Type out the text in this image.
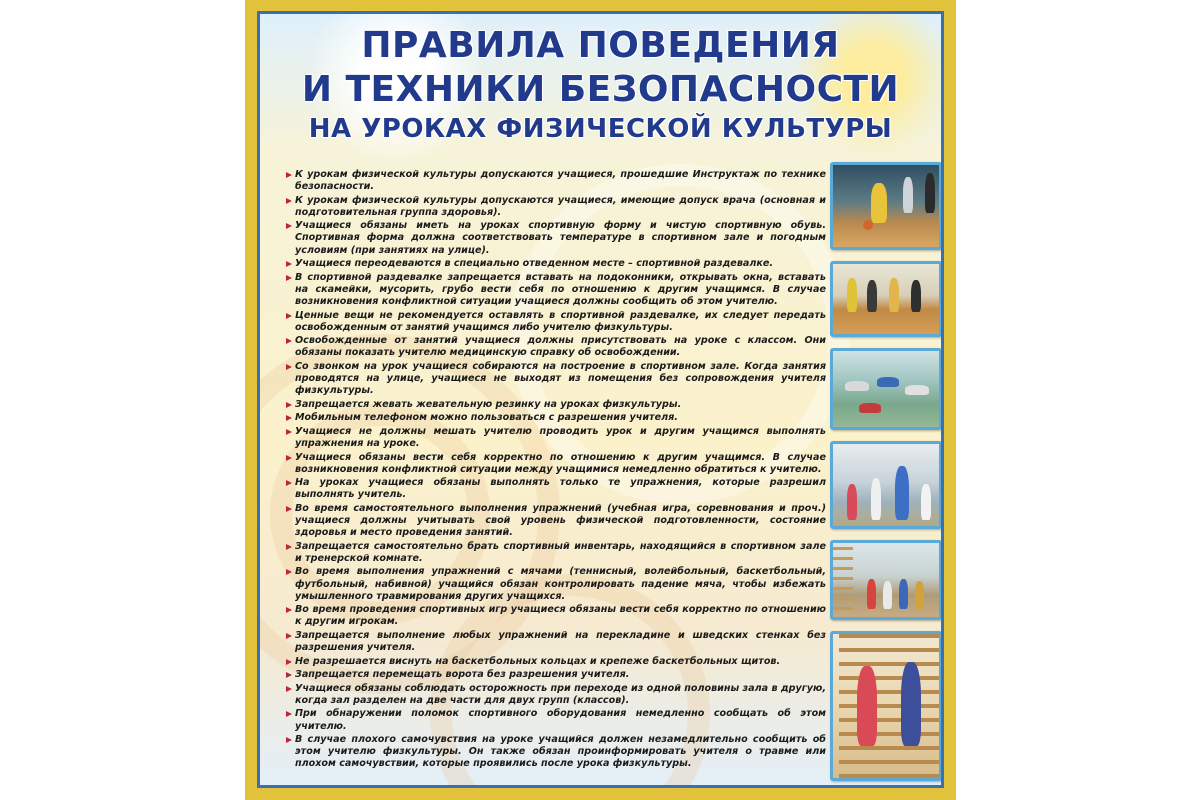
ПРАВИЛА ПОВЕДЕНИЯ
И ТЕХНИКИ БЕЗОПАСНОСТИ
НА УРОКАХ ФИЗИЧЕСКОЙ КУЛЬТУРЫ
К урокам физической культуры допускаются учащиеся, прошедшие Инструктаж по технике безопасности.
К урокам физической культуры допускаются учащиеся, имеющие допуск врача (основная и подготовительная группа здоровья).
Учащиеся обязаны иметь на уроках спортивную форму и чистую спортивную обувь. Спортивная форма должна соответствовать температуре в спортивном зале и погодным условиям (при занятиях на улице).
Учащиеся переодеваются в специально отведенном месте – спортивной раздевалке.
В спортивной раздевалке запрещается вставать на подоконники, открывать окна, вставать на скамейки, мусорить, грубо вести себя по отношению к другим учащимся. В случае возникновения конфликтной ситуации учащиеся должны сообщить об этом учителю.
Ценные вещи не рекомендуется оставлять в спортивной раздевалке, их следует передать освобожденным от занятий учащимся либо учителю физкультуры.
Освобожденные от занятий учащиеся должны присутствовать на уроке с классом. Они обязаны показать учителю медицинскую справку об освобождении.
Со звонком на урок учащиеся собираются на построение в спортивном зале. Когда занятия проводятся на улице, учащиеся не выходят из помещения без сопровождения учителя физкультуры.
Запрещается жевать жевательную резинку на уроках физкультуры.
Мобильным телефоном можно пользоваться с разрешения учителя.
Учащиеся не должны мешать учителю проводить урок и другим учащимся выполнять упражнения на уроке.
Учащиеся обязаны вести себя корректно по отношению к другим учащимся. В случае возникновения конфликтной ситуации между учащимися немедленно обратиться к учителю.
На уроках учащиеся обязаны выполнять только те упражнения, которые разрешил выполнять учитель.
Во время самостоятельного выполнения упражнений (учебная игра, соревнования и проч.) учащиеся должны учитывать свой уровень физической подготовленности, состояние здоровья и место проведения занятий.
Запрещается самостоятельно брать спортивный инвентарь, находящийся в спортивном зале и тренерской комнате.
Во время выполнения упражнений с мячами (теннисный, волейбольный, баскетбольный, футбольный, набивной) учащийся обязан контролировать падение мяча, чтобы избежать умышленного травмирования других учащихся.
Во время проведения спортивных игр учащиеся обязаны вести себя корректно по отношению к другим игрокам.
Запрещается выполнение любых упражнений на перекладине и шведских стенках без разрешения учителя.
Не разрешается виснуть на баскетбольных кольцах и крепеже баскетбольных щитов.
Запрещается перемещать ворота без разрешения учителя.
Учащиеся обязаны соблюдать осторожность при переходе из одной половины зала в другую, когда зал разделен на две части для двух групп (классов).
При обнаружении поломок спортивного оборудования немедленно сообщать об этом учителю.
В случае плохого самочувствия на уроке учащийся должен незамедлительно сообщить об этом учителю физкультуры. Он также обязан проинформировать учителя о травме или плохом самочувствии, которые проявились после урока физкультуры.
